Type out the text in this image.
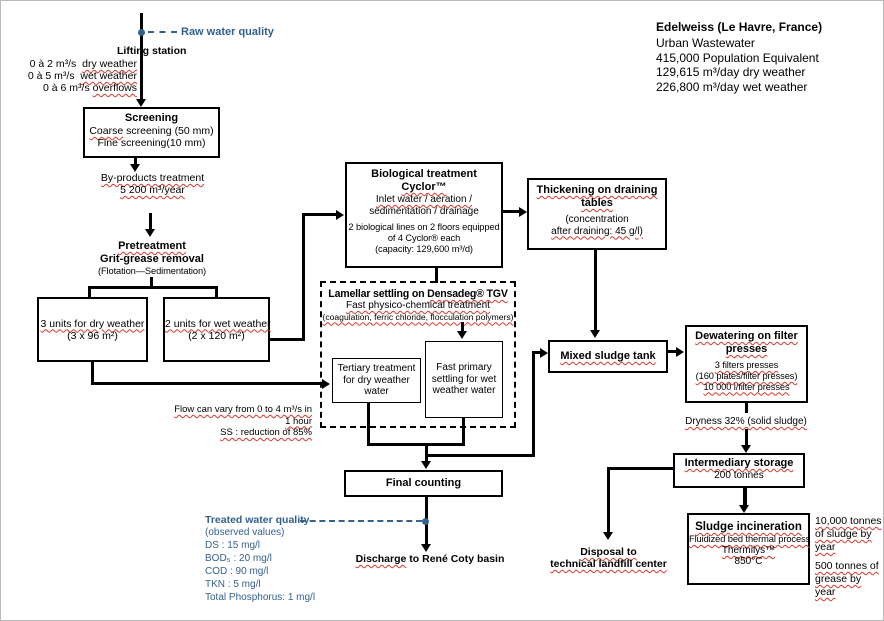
Edelweiss (Le Havre, France)
Urban Wastewater
415,000 Population Equivalent
129,615 m³/day dry weather
226,800 m³/day wet weather
Raw water quality
Lifting station
0 à 2 m³/s dry weather
0 à 5 m³/s wet weather
0 à 6 m³/s overflows
Screening
Coarse screening (50 mm)
Fine screening(10 mm)
By-products treatment
5 200 m³/year
Pretreatment
Grit-grease removal
(Flotation—Sedimentation)
3 units for dry weather
(3 x 96 m²)
2 units for wet weather
(2 x 120 m²)
Biological treatment
Cyclor™
Inlet water / aeration /
sedimentation / drainage
2 biological lines on 2 floors equipped
of 4 Cyclor® each
(capacity: 129,600 m³/d)
Thickening on draining
tables
(concentration
after draining: 45 g/l)
Lamellar settling on Densadeg® TGV
Fast physico-chemical treatment
(coagulation, ferric chloride, flocculation polymers)
Tertiary treatment
for dry weather
water
Fast primary
settling for wet
weather water
Flow can vary from 0 to 4 m³/s in
1 hour
SS : reduction of 85%
Mixed sludge tank
Dewatering on filter
presses
3 filters presses
(160 plates/filter presses)
10 000 l/filter presses
Dryness 32% (solid sludge)
Intermediary storage
200 tonnes
Disposal to
technical landfill center
Sludge incineration
Fluidized bed thermal process
Thermilys™
850°C
10,000 tonnes of sludge by year
500 tonnes of grease by year
Final counting
Treated water quality
(observed values)
DS : 15 mg/l
BOD₅ : 20 mg/l
COD : 90 mg/l
TKN : 5 mg/l
Total Phosphorus: 1 mg/l
Discharge to René Coty basin
